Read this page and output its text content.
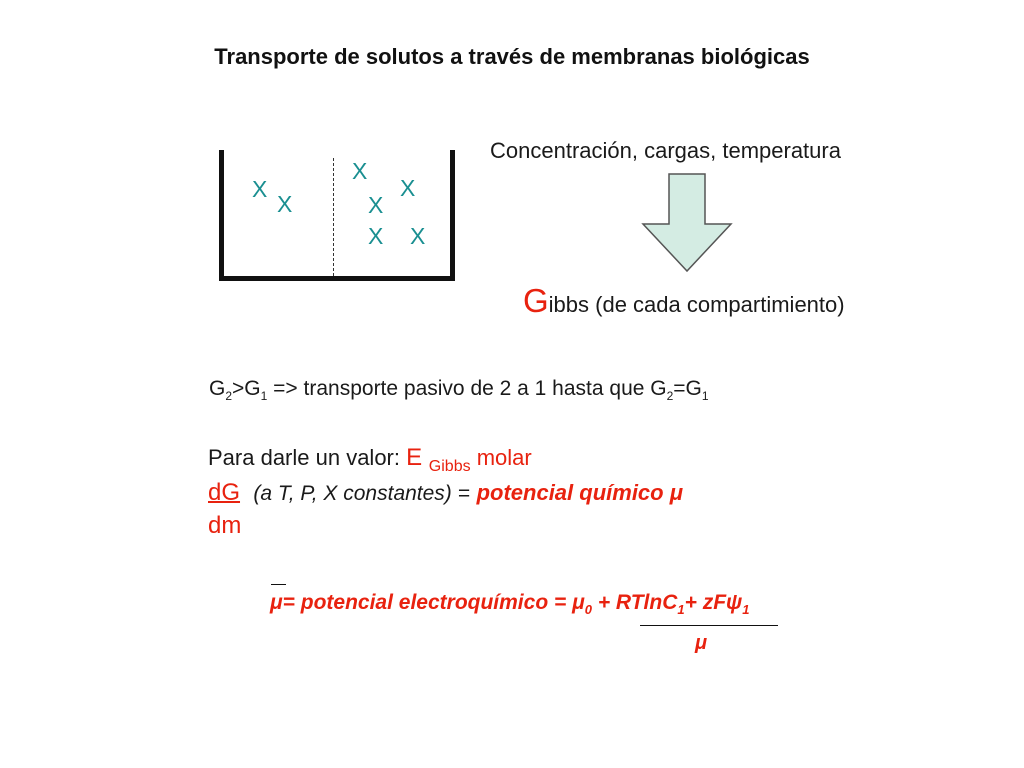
Transporte de solutos a través de membranas biológicas
X
X
X
X
X
X X
Concentración, cargas, temperatura
Gibbs (de cada compartimiento)
$G_2>G_1$ => transporte pasivo de 2 a 1 hasta que $G_2=G_1$
Para darle un valor: E $_{Gibbs}$ molar
dG (a T, P, X constantes) = potencial químico μ
dm
μ= potencial electroquímico = $\mu_0 + RTlnC_1+ zF\psi_1$
μ
